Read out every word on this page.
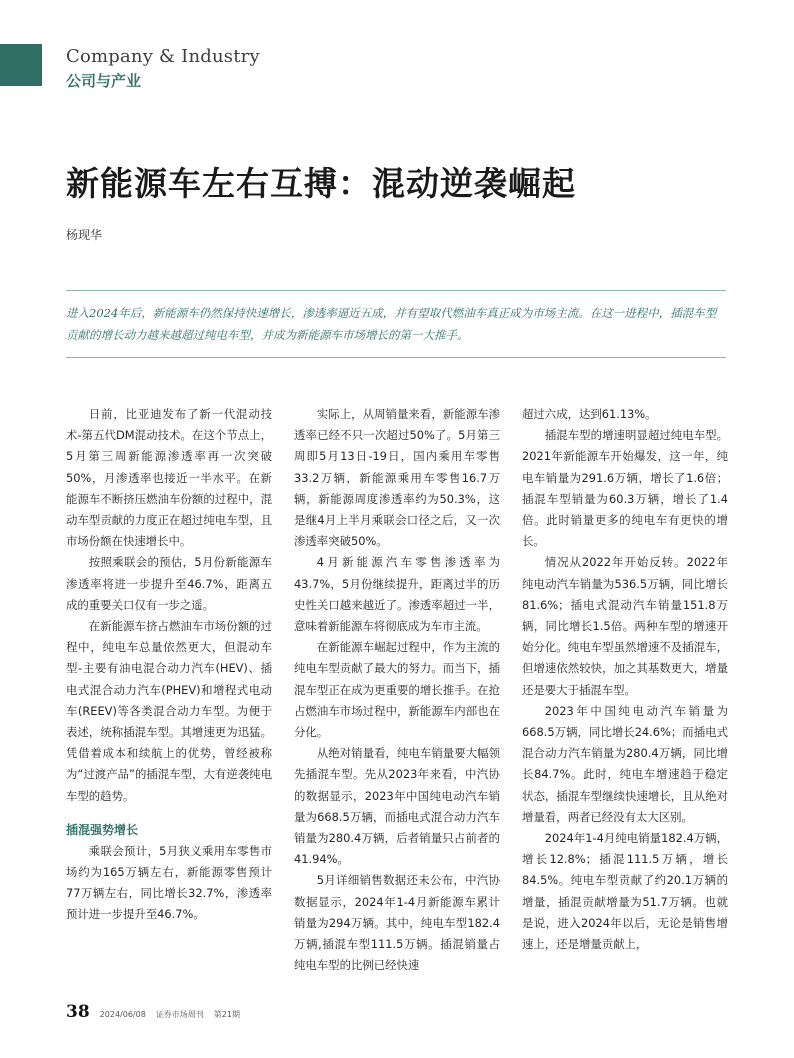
Company & Industry
公司与产业
新能源车左右互搏：混动逆袭崛起
杨现华
进入2024年后，新能源车仍然保持快速增长，渗透率逼近五成，并有望取代燃油车真正成为市场主流。在这一进程中，插混车型贡献的增长动力越来越超过纯电车型，并成为新能源车市场增长的第一大推手。

日前，比亚迪发布了新一代混动技术-第五代DM混动技术。在这个节点上，5月第三周新能源渗透率再一次突破50%，月渗透率也接近一半水平。在新能源车不断挤压燃油车份额的过程中，混动车型贡献的力度正在超过纯电车型，且市场份额在快速增长中。

按照乘联会的预估，5月份新能源车渗透率将进一步提升至46.7%，距离五成的重要关口仅有一步之遥。

在新能源车挤占燃油车市场份额的过程中，纯电车总量依然更大，但混动车型-主要有油电混合动力汽车(HEV)、插电式混合动力汽车(PHEV)和增程式电动车(REEV)等各类混合动力车型。为便于表述，统称插混车型。其增速更为迅猛。凭借着成本和续航上的优势，曾经被称为“过渡产品”的插混车型，大有逆袭纯电车型的趋势。

插混强势增长

乘联会预计，5月狭义乘用车零售市场约为165万辆左右，新能源零售预计77万辆左右，同比增长32.7%，渗透率预计进一步提升至46.7%。

实际上，从周销量来看，新能源车渗透率已经不只一次超过50%了。5月第三周即5月13日-19日，国内乘用车零售33.2万辆，新能源乘用车零售16.7万辆，新能源周度渗透率约为50.3%，这是继4月上半月乘联会口径之后，又一次渗透率突破50%。

4月新能源汽车零售渗透率为43.7%，5月份继续提升，距离过半的历史性关口越来越近了。渗透率超过一半，意味着新能源车将彻底成为车市主流。

在新能源车崛起过程中，作为主流的纯电车型贡献了最大的努力。而当下，插混车型正在成为更重要的增长推手。在抢占燃油车市场过程中，新能源车内部也在分化。

从绝对销量看，纯电车销量要大幅领先插混车型。先从2023年来看，中汽协的数据显示，2023年中国纯电动汽车销量为668.5万辆，而插电式混合动力汽车销量为280.4万辆，后者销量只占前者的41.94%。

5月详细销售数据还未公布，中汽协数据显示，2024年1-4月新能源车累计销量为294万辆。其中，纯电车型182.4万辆,插混车型111.5万辆。插混销量占纯电车型的比例已经快速

超过六成，达到61.13%。

插混车型的增速明显超过纯电车型。2021年新能源车开始爆发，这一年，纯电车销量为291.6万辆，增长了1.6倍；插混车型销量为60.3万辆，增长了1.4倍。此时销量更多的纯电车有更快的增长。

情况从2022年开始反转。2022年纯电动汽车销量为536.5万辆，同比增长81.6%；插电式混动汽车销量151.8万辆，同比增长1.5倍。两种车型的增速开始分化。纯电车型虽然增速不及插混车，但增速依然较快，加之其基数更大，增量还是要大于插混车型。

2023年中国纯电动汽车销量为668.5万辆，同比增长24.6%；而插电式混合动力汽车销量为280.4万辆，同比增长84.7%。此时，纯电车增速趋于稳定状态，插混车型继续快速增长，且从绝对增量看，两者已经没有太大区别。

2024年1-4月纯电销量182.4万辆，增长12.8%；插混111.5万辆，增长84.5%。纯电车型贡献了约20.1万辆的增量，插混贡献增量为51.7万辆。也就是说，进入2024年以后，无论是销售增速上，还是增量贡献上，

38 2024/06/08 证券市场周刊 第21期
